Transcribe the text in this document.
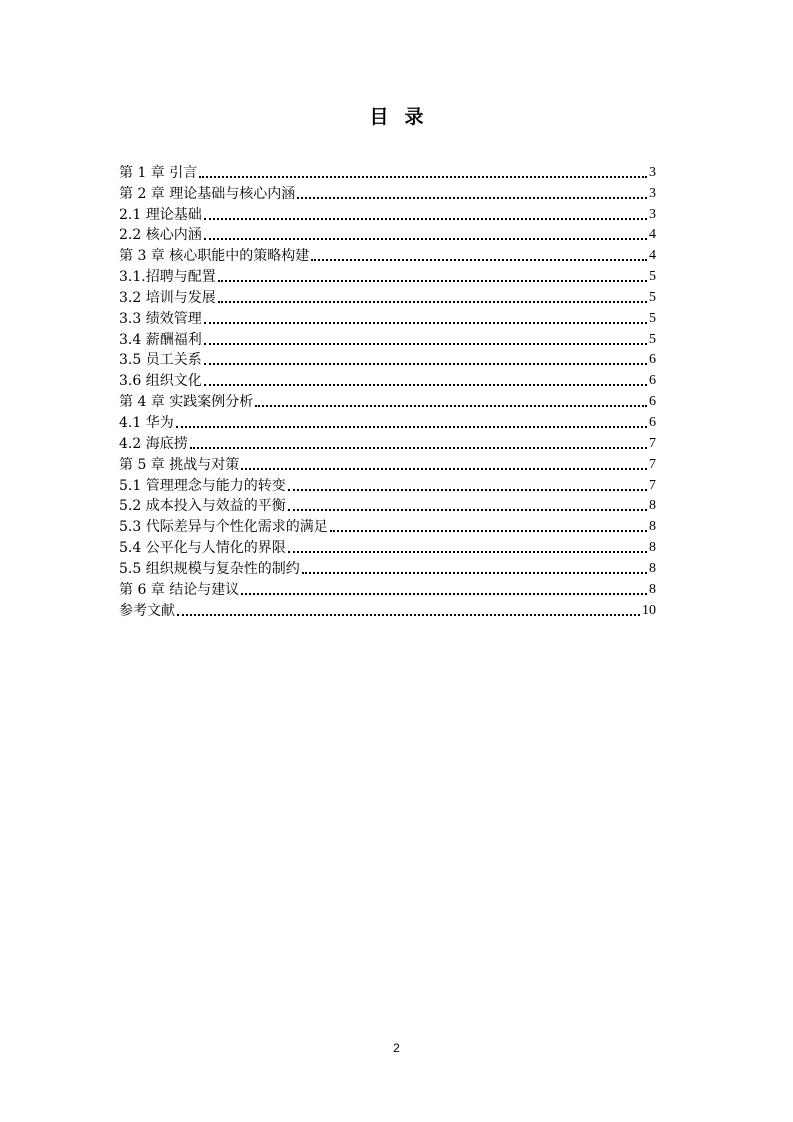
目录
第 1 章 引言	3
第 2 章 理论基础与核心内涵	3
2.1 理论基础	3
2.2 核心内涵	4
第 3 章 核心职能中的策略构建	4
3.1.招聘与配置	5
3.2 培训与发展	5
3.3 绩效管理	5
3.4 薪酬福利	5
3.5 员工关系	6
3.6 组织文化	6
第 4 章 实践案例分析	6
4.1 华为	6
4.2 海底捞	7
第 5 章 挑战与对策	7
5.1 管理理念与能力的转变	7
5.2 成本投入与效益的平衡	8
5.3 代际差异与个性化需求的满足	8
5.4 公平化与人情化的界限	8
5.5 组织规模与复杂性的制约	8
第 6 章 结论与建议	8
参考文献	10
2
